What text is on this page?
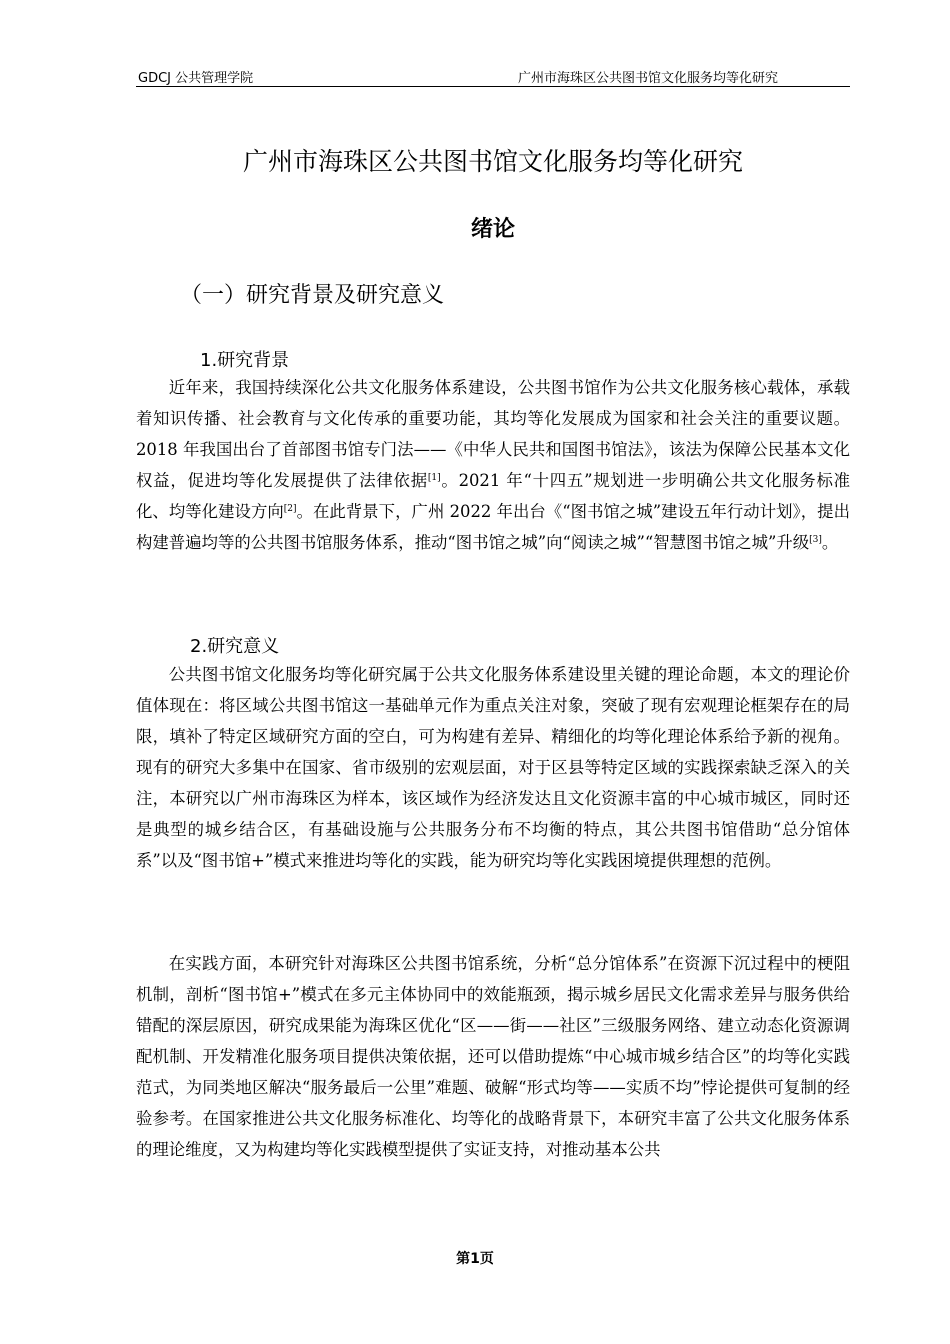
GDCJ 公共管理学院	广州市海珠区公共图书馆文化服务均等化研究
广州市海珠区公共图书馆文化服务均等化研究
绪论
（一）研究背景及研究意义
1.研究背景
近年来，我国持续深化公共文化服务体系建设，公共图书馆作为公共文化服务核心载体，承载着知识传播、社会教育与文化传承的重要功能，其均等化发展成为国家和社会关注的重要议题。2018 年我国出台了首部图书馆专门法——《中华人民共和国图书馆法》，该法为保障公民基本文化权益，促进均等化发展提供了法律依据[1]。2021 年“十四五”规划进一步明确公共文化服务标准化、均等化建设方向[2]。在此背景下，广州 2022 年出台《“图书馆之城”建设五年行动计划》，提出构建普遍均等的公共图书馆服务体系，推动“图书馆之城”向“阅读之城”“智慧图书馆之城”升级[3]。
2.研究意义
公共图书馆文化服务均等化研究属于公共文化服务体系建设里关键的理论命题，本文的理论价值体现在：将区域公共图书馆这一基础单元作为重点关注对象，突破了现有宏观理论框架存在的局限，填补了特定区域研究方面的空白，可为构建有差异、精细化的均等化理论体系给予新的视角。现有的研究大多集中在国家、省市级别的宏观层面，对于区县等特定区域的实践探索缺乏深入的关注，本研究以广州市海珠区为样本，该区域作为经济发达且文化资源丰富的中心城市城区，同时还是典型的城乡结合区，有基础设施与公共服务分布不均衡的特点，其公共图书馆借助“总分馆体系”以及“图书馆+”模式来推进均等化的实践，能为研究均等化实践困境提供理想的范例。
在实践方面，本研究针对海珠区公共图书馆系统，分析“总分馆体系”在资源下沉过程中的梗阻机制，剖析“图书馆+”模式在多元主体协同中的效能瓶颈，揭示城乡居民文化需求差异与服务供给错配的深层原因，研究成果能为海珠区优化“区——街——社区”三级服务网络、建立动态化资源调配机制、开发精准化服务项目提供决策依据，还可以借助提炼“中心城市城乡结合区”的均等化实践范式，为同类地区解决“服务最后一公里”难题、破解“形式均等——实质不均”悖论提供可复制的经验参考。在国家推进公共文化服务标准化、均等化的战略背景下，本研究丰富了公共文化服务体系的理论维度，又为构建均等化实践模型提供了实证支持，对推动基本公共
第1页
